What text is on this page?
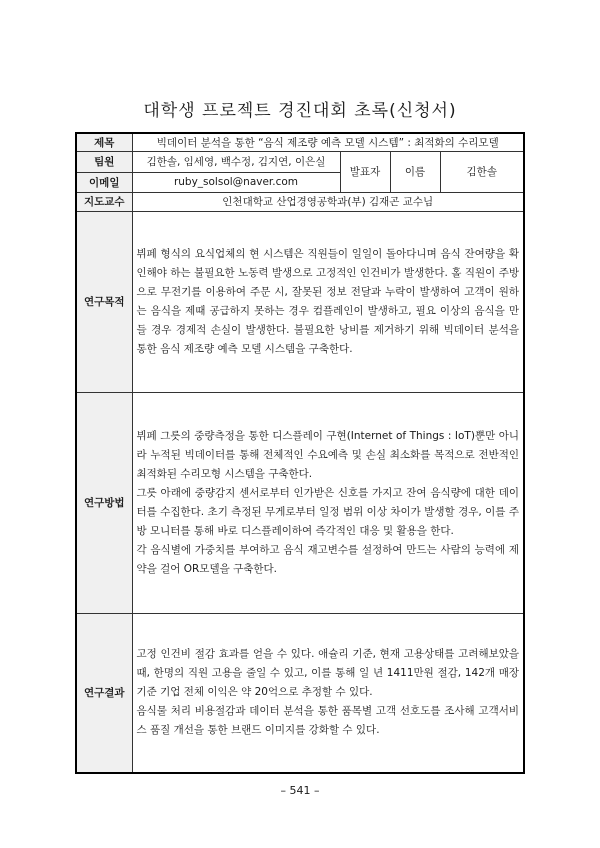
대학생 프로젝트 경진대회 초록(신청서)
제목	빅데이터 분석을 통한 “음식 제조량 예측 모델 시스템” : 최적화의 수리모델			
팀원	김한솔, 임세영, 백수정, 김지연, 이은실	발표자	이름	김한솔
이메일	ruby_solsol@naver.com			
지도교수	인천대학교 산업경영공학과(부) 김재곤 교수님			
연구목적	뷔페 형식의 요식업체의 현 시스템은 직원들이 일일이 돌아다니며 음식 잔여량을 확인해야 하는 불필요한 노동력 발생으로 고정적인 인건비가 발생한다. 홀 직원이 주방으로 무전기를 이용하여 주문 시, 잘못된 정보 전달과 누락이 발생하여 고객이 원하는 음식을 제때 공급하지 못하는 경우 컴플레인이 발생하고, 필요 이상의 음식을 만들 경우 경제적 손실이 발생한다. 불필요한 낭비를 제거하기 위해 빅데이터 분석을 통한 음식 제조량 예측 모델 시스템을 구축한다.			

연구방법	뷔페 그릇의 중량측정을 통한 디스플레이 구현(Internet of Things : IoT)뿐만 아니라 누적된 빅데이터를 통해 전체적인 수요예측 및 손실 최소화를 목적으로 전반적인 최적화된 수리모형 시스템을 구축한다.

그릇 아래에 중량감지 센서로부터 인가받은 신호를 가지고 잔여 음식량에 대한 데이터를 수집한다. 초기 측정된 무게로부터 일정 범위 이상 차이가 발생할 경우, 이를 주방 모니터를 통해 바로 디스플레이하여 즉각적인 대응 및 활용을 한다.

각 음식별에 가중치를 부여하고 음식 재고변수를 설정하여 만드는 사람의 능력에 제약을 걸어 OR모델을 구축한다.			

연구결과	고정 인건비 절감 효과를 얻을 수 있다. 애슐리 기준, 현재 고용상태를 고려해보았을 때, 한명의 직원 고용을 줄일 수 있고, 이를 통해 일 년 1411만원 절감, 142개 매장 기준 기업 전체 이익은 약 20억으로 추정할 수 있다.

음식물 처리 비용절감과 데이터 분석을 통한 품목별 고객 선호도를 조사해 고객서비스 품질 개선을 통한 브랜드 이미지를 강화할 수 있다.			

– 541 –
